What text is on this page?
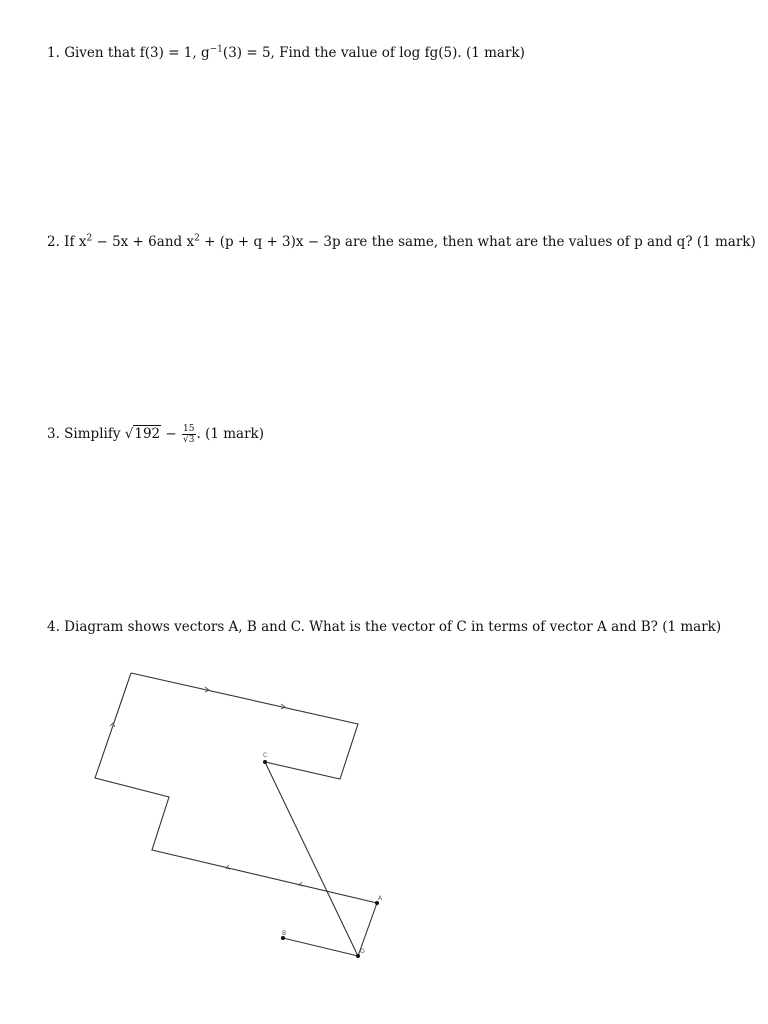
1. Given that f(3) = 1, $g^{-1}(3) = 5$, Find the value of log fg(5). (1 mark)
2. If $x^2 - 5x + 6and$ $x^2 + (p + q + 3)x - 3p$ are the same, then what are the values of p and q? (1 mark)
3. Simplify $√192 - \frac{15}{√3}$ . (1 mark)
4. Diagram shows vectors A, B and C. What is the vector of C in terms of vector A and B? (1 mark)
C
A
B
O
